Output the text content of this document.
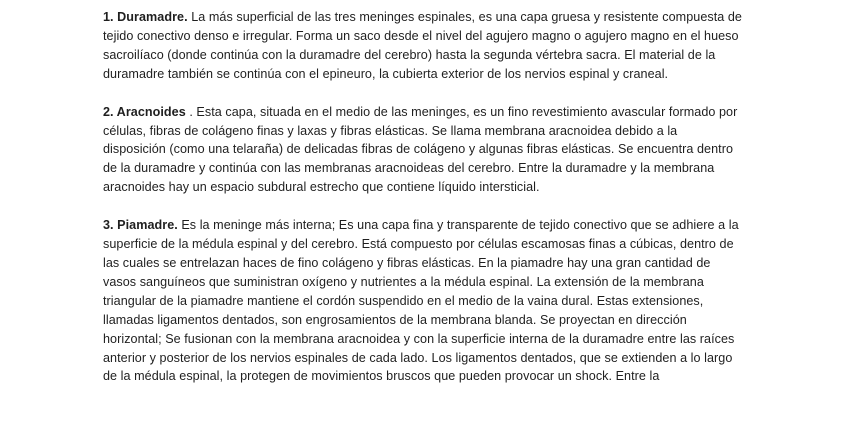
1. Duramadre. La más superficial de las tres meninges espinales, es una capa gruesa y resistente compuesta de tejido conectivo denso e irregular. Forma un saco desde el nivel del agujero magno o agujero magno en el hueso sacroilíaco (donde continúa con la duramadre del cerebro) hasta la segunda vértebra sacra. El material de la duramadre también se continúa con el epineuro, la cubierta exterior de los nervios espinal y craneal.

2. Aracnoides . Esta capa, situada en el medio de las meninges, es un fino revestimiento avascular formado por células, fibras de colágeno finas y laxas y fibras elásticas. Se llama membrana aracnoidea debido a la disposición (como una telaraña) de delicadas fibras de colágeno y algunas fibras elásticas. Se encuentra dentro de la duramadre y continúa con las membranas aracnoideas del cerebro. Entre la duramadre y la membrana aracnoides hay un espacio subdural estrecho que contiene líquido intersticial.

3. Piamadre. Es la meninge más interna; Es una capa fina y transparente de tejido conectivo que se adhiere a la superficie de la médula espinal y del cerebro. Está compuesto por células escamosas finas a cúbicas, dentro de las cuales se entrelazan haces de fino colágeno y fibras elásticas. En la piamadre hay una gran cantidad de vasos sanguíneos que suministran oxígeno y nutrientes a la médula espinal. La extensión de la membrana triangular de la piamadre mantiene el cordón suspendido en el medio de la vaina dural. Estas extensiones, llamadas ligamentos dentados, son engrosamientos de la membrana blanda. Se proyectan en dirección horizontal; Se fusionan con la membrana aracnoidea y con la superficie interna de la duramadre entre las raíces anterior y posterior de los nervios espinales de cada lado. Los ligamentos dentados, que se extienden a lo largo de la médula espinal, la protegen de movimientos bruscos que pueden provocar un shock. Entre la
